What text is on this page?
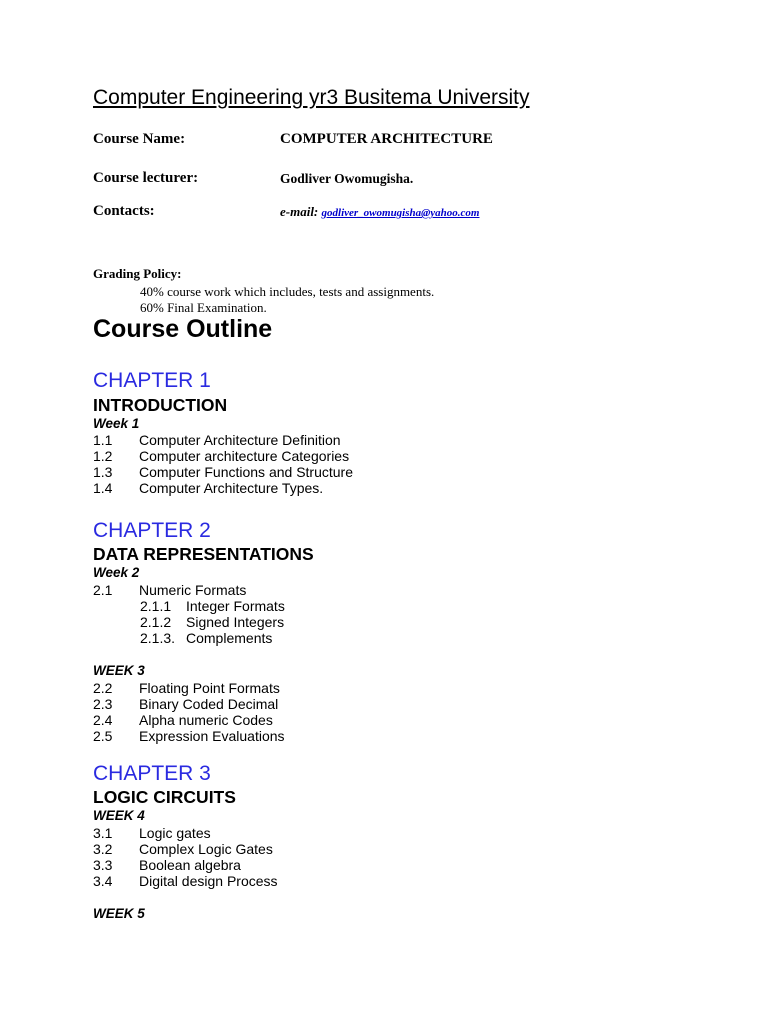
Computer Engineering yr3 Busitema University
Course Name:	COMPUTER ARCHITECTURE
Course lecturer:	Godliver Owomugisha.
Contacts:	e-mail: godliver_owomugisha@yahoo.com
Grading Policy:
40% course work which includes, tests and assignments.
60% Final Examination.
Course Outline
CHAPTER 1
INTRODUCTION
Week 1
1.1 Computer Architecture Definition
1.2 Computer architecture Categories
1.3 Computer Functions and Structure
1.4 Computer Architecture Types.
CHAPTER 2
DATA REPRESENTATIONS
Week 2
2.1 Numeric Formats
2.1.1 Integer Formats
2.1.2 Signed Integers
2.1.3. Complements
WEEK 3
2.2 Floating Point Formats
2.3 Binary Coded Decimal
2.4 Alpha numeric Codes
2.5 Expression Evaluations
CHAPTER 3
LOGIC CIRCUITS
WEEK 4
3.1 Logic gates
3.2 Complex Logic Gates
3.3 Boolean algebra
3.4 Digital design Process
WEEK 5
